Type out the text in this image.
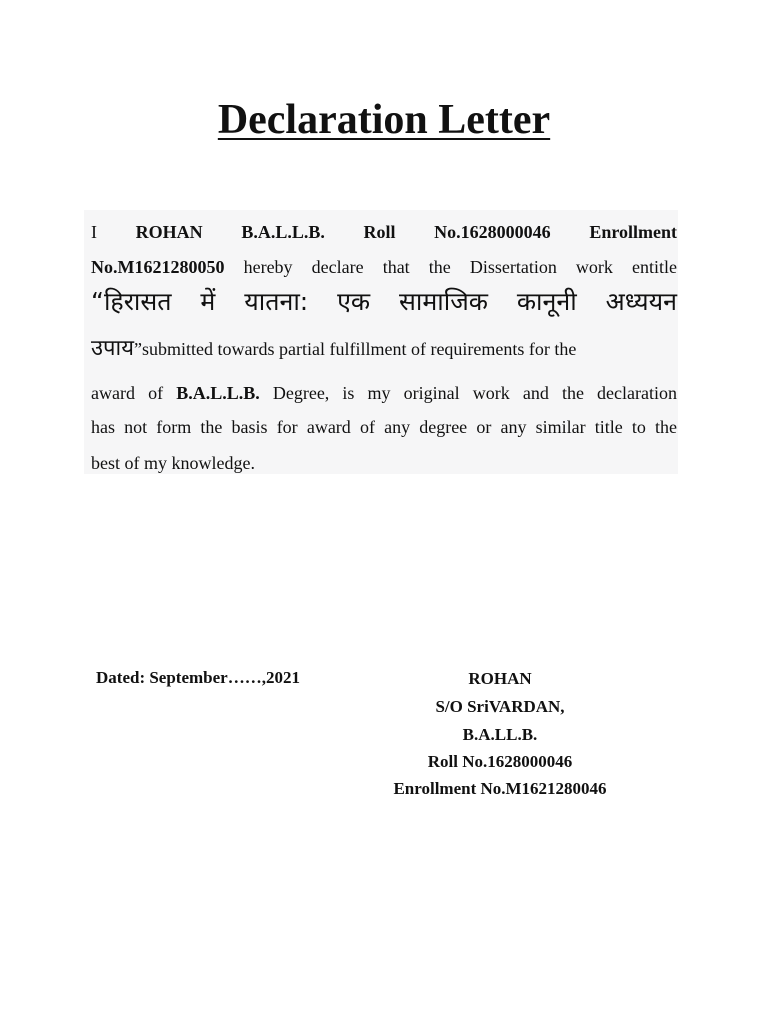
Declaration Letter

I ROHAN B.A.L.L.B. Roll No.1628000046 Enrollment

No.M1621280050 hereby declare that the Dissertation work entitle

“हिरासत में यातना: एक सामाजिक कानूनी अध्ययन

उपाय”submitted towards partial fulfillment of requirements for the

award of B.A.L.L.B. Degree, is my original work and the declaration

has not form the basis for award of any degree or any similar title to the

best of my knowledge.

Dated: September……,2021	ROHAN

S/O SriVARDAN,

B.A.LL.B.

Roll No.1628000046

Enrollment No.M1621280046
